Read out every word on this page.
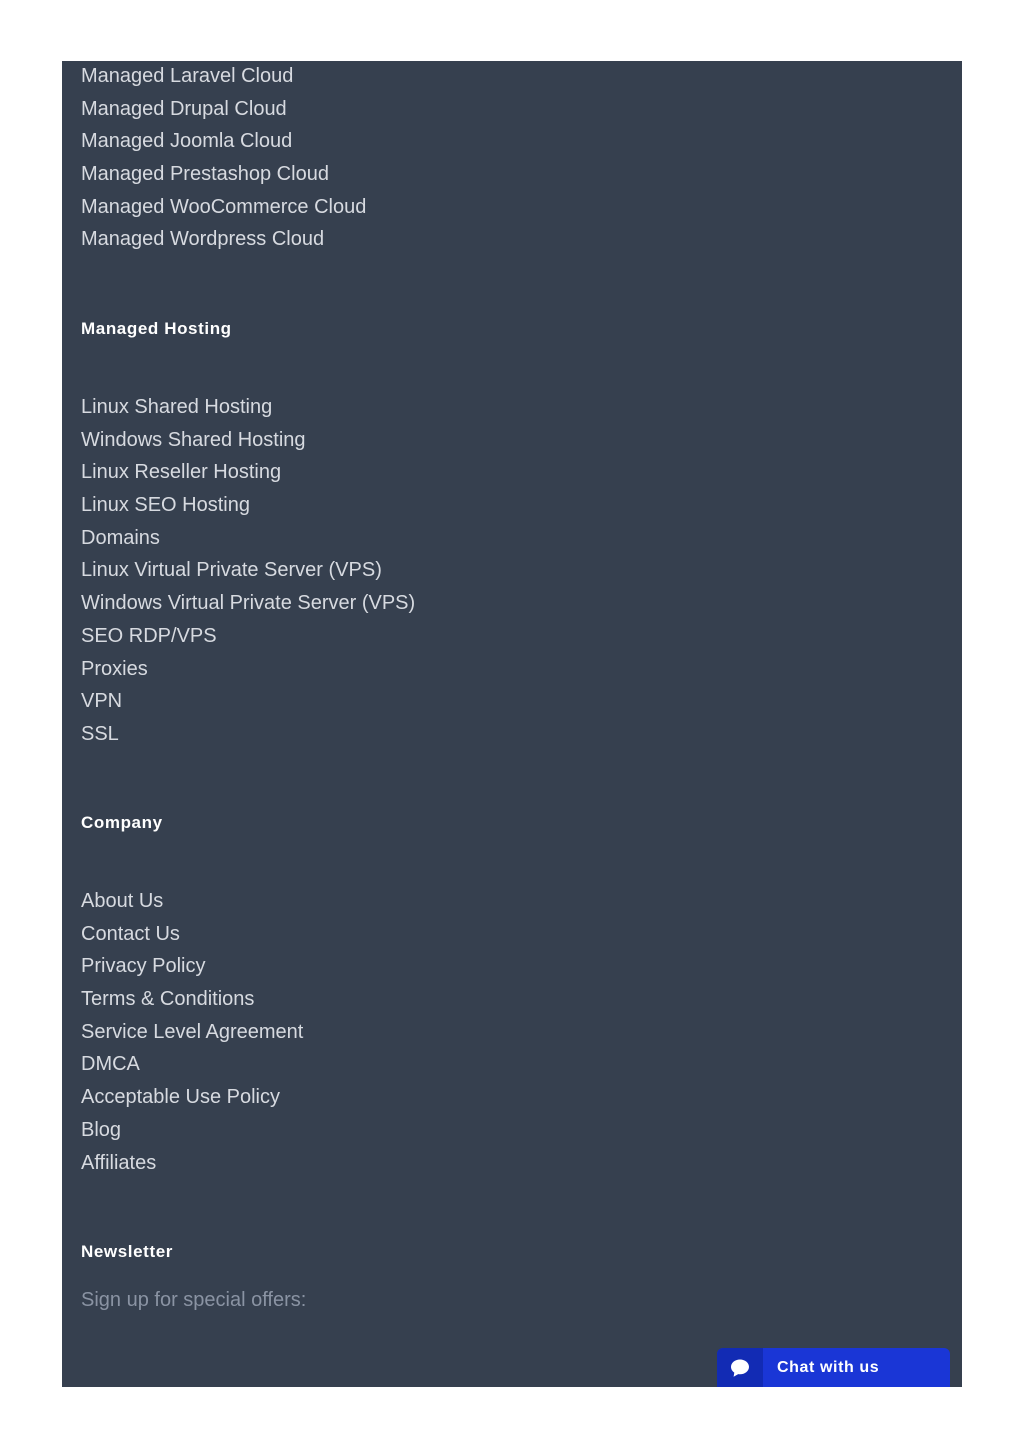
Managed Laravel Cloud
Managed Drupal Cloud
Managed Joomla Cloud
Managed Prestashop Cloud
Managed WooCommerce Cloud
Managed Wordpress Cloud
Managed Hosting
Linux Shared Hosting
Windows Shared Hosting
Linux Reseller Hosting
Linux SEO Hosting
Domains
Linux Virtual Private Server (VPS)
Windows Virtual Private Server (VPS)
SEO RDP/VPS
Proxies
VPN
SSL
Company
About Us
Contact Us
Privacy Policy
Terms & Conditions
Service Level Agreement
DMCA
Acceptable Use Policy
Blog
Affiliates
Newsletter

Sign up for special offers:

Chat with us
